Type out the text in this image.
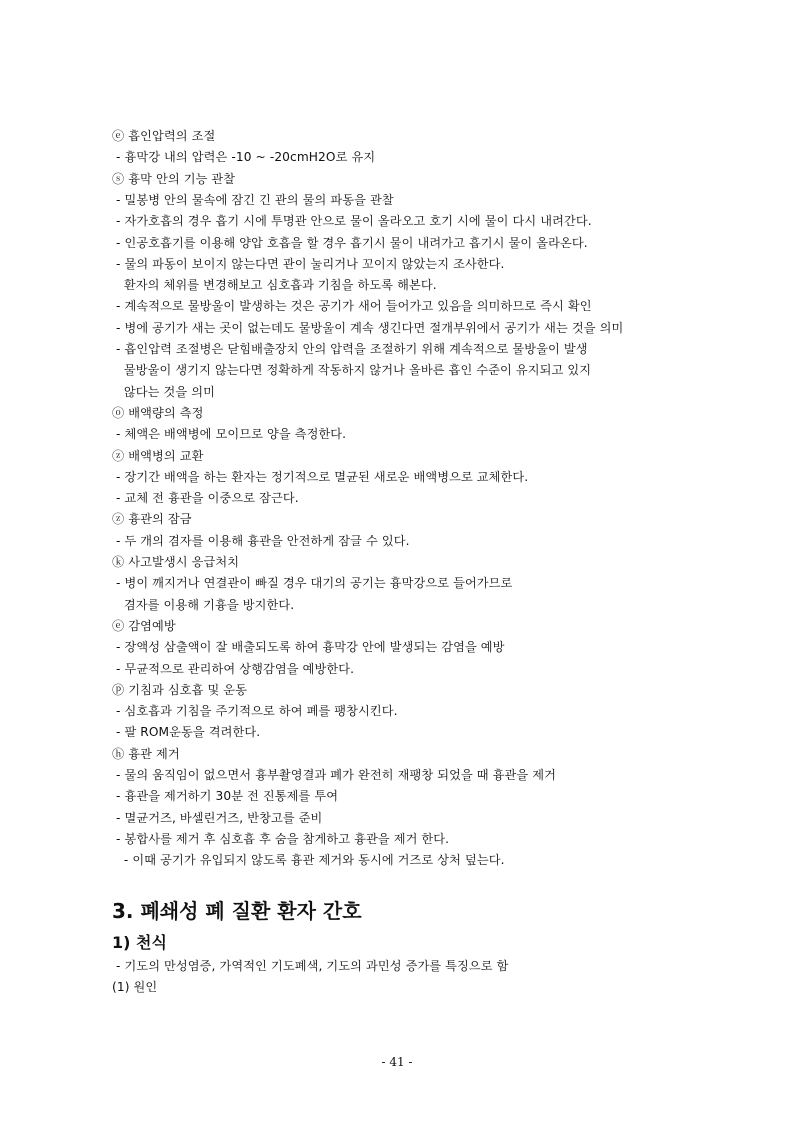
ⓔ 흡인압력의 조절
- 흉막강 내의 압력은 -10 ~ -20cmH2O로 유지
ⓢ 흉막 안의 기능 관찰
- 밀봉병 안의 물속에 잠긴 긴 관의 물의 파동을 관찰
- 자가호흡의 경우 흡기 시에 투명관 안으로 물이 올라오고 호기 시에 물이 다시 내려간다.
- 인공호흡기를 이용해 양압 호흡을 할 경우 흡기시 물이 내려가고 흡기시 물이 올라온다.
- 물의 파동이 보이지 않는다면 관이 눌리거나 꼬이지 않았는지 조사한다.
환자의 체위를 변경해보고 심호흡과 기침을 하도록 해본다.
- 계속적으로 물방울이 발생하는 것은 공기가 새어 들어가고 있음을 의미하므로 즉시 확인
- 병에 공기가 새는 곳이 없는데도 물방울이 계속 생긴다면 절개부위에서 공기가 새는 것을 의미
- 흡인압력 조절병은 닫힘배출장치 안의 압력을 조절하기 위해 계속적으로 물방울이 발생
물방울이 생기지 않는다면 정확하게 작동하지 않거나 올바른 흡인 수준이 유지되고 있지
않다는 것을 의미
ⓞ 배액량의 측정
- 체액은 배액병에 모이므로 양을 측정한다.
ⓩ 배액병의 교환
- 장기간 배액을 하는 환자는 정기적으로 멸균된 새로운 배액병으로 교체한다.
- 교체 전 흉관을 이중으로 잠근다.
ⓩ 흉관의 잠금
- 두 개의 겸자를 이용해 흉관을 안전하게 잠글 수 있다.
ⓚ 사고발생시 응급처치
- 병이 깨지거나 연결관이 빠질 경우 대기의 공기는 흉막강으로 들어가므로
겸자를 이용해 기흉을 방지한다.
ⓔ 감염예방
- 장액성 삼출액이 잘 배출되도록 하여 흉막강 안에 발생되는 감염을 예방
- 무균적으로 관리하여 상행감염을 예방한다.
ⓟ 기침과 심호흡 및 운동
- 심호흡과 기침을 주기적으로 하여 폐를 팽창시킨다.
- 팔 ROM운동을 격려한다.
ⓗ 흉관 제거
- 물의 움직임이 없으면서 흉부촬영결과 폐가 완전히 재팽창 되었을 때 흉관을 제거
- 흉관을 제거하기 30분 전 진통제를 투여
- 멸균거즈, 바셀린거즈, 반창고를 준비
- 봉합사를 제거 후 심호흡 후 숨을 참게하고 흉관을 제거 한다.
- 이때 공기가 유입되지 않도록 흉관 제거와 동시에 거즈로 상처 덮는다.
3. 폐쇄성 폐 질환 환자 간호
1) 천식
- 기도의 만성염증, 가역적인 기도폐색, 기도의 과민성 증가를 특징으로 함
(1) 원인
- 41 -
